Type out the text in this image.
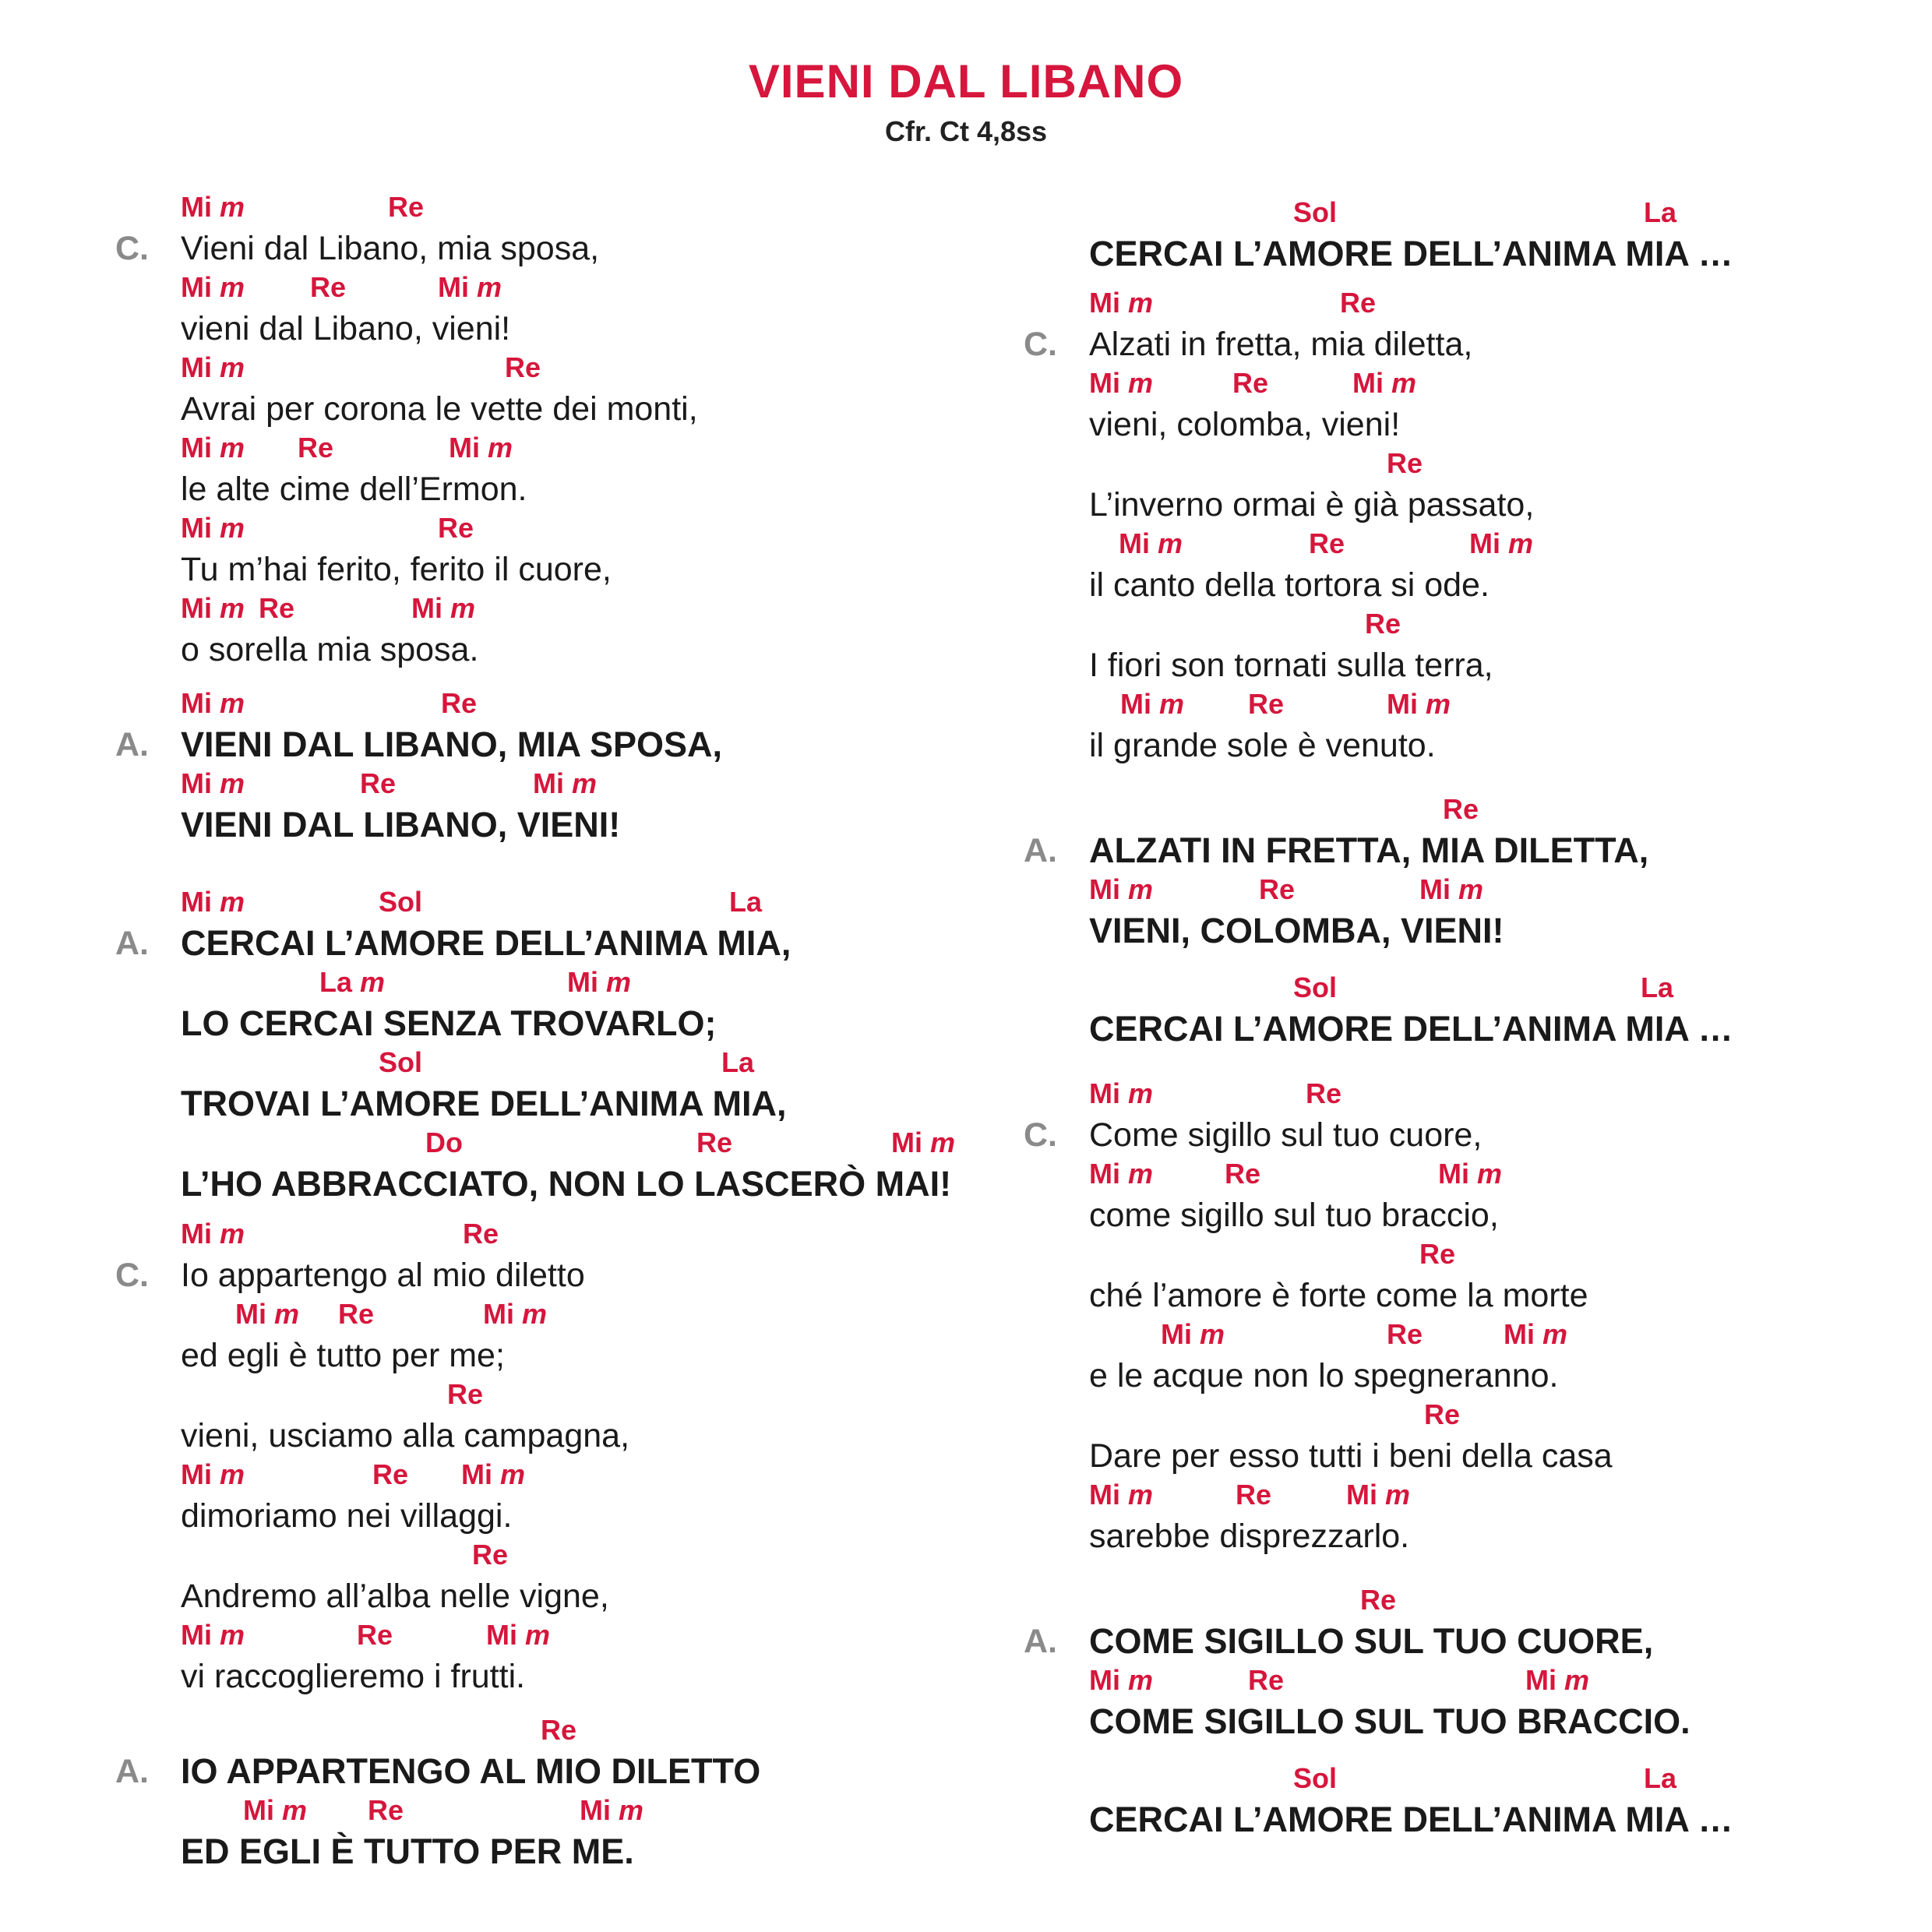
VIENI DAL LIBANO
Cfr. Ct 4,8ss
Mi m	Re
Vieni dal Libano, mia sposa,
C.
Mi m Re	Mi m
vieni dal Libano, vieni!
Mi m	Re
Avrai per corona le vette dei monti,
Mi m Re	Mi m
le alte cime dell’Ermon.
Mi m	Re
Tu m’hai ferito, ferito il cuore,
Mi m Re	Mi m
o sorella mia sposa.
Mi m	Re
VIENI DAL LIBANO, MIA SPOSA,
A.
Mi m	Re	Mi m
VIENI DAL LIBANO, VIENI!
Mi m	Sol	La
CERCAI L’AMORE DELL’ANIMA MIA,
A.
La m	Mi m
LO CERCAI SENZA TROVARLO;
Sol	La
TROVAI L’AMORE DELL’ANIMA MIA,
Do	Re	Mi m
L’HO ABBRACCIATO, NON LO LASCERÒ MAI!
Mi m	Re
Io appartengo al mio diletto
C.
Mi m Re	Mi m
ed egli è tutto per me;
Re
vieni, usciamo alla campagna,
Mi m	Re Mi m
dimoriamo nei villaggi.
Re
Andremo all’alba nelle vigne,
Mi m	Re	Mi m
vi raccoglieremo i frutti.
Re
IO APPARTENGO AL MIO DILETTO
A.
Mi m Re	Mi m
ED EGLI È TUTTO PER ME.
Sol	La
CERCAI L’AMORE DELL’ANIMA MIA …
Mi m	Re
Alzati in fretta, mia diletta,
C.
Mi m	Re	Mi m
vieni, colomba, vieni!
Re
L’inverno ormai è già passato,
Mi m	Re	Mi m
il canto della tortora si ode.
Re
I fiori son tornati sulla terra,
Mi m Re	Mi m
il grande sole è venuto.
Re
ALZATI IN FRETTA, MIA DILETTA,
A.
Mi m	Re	Mi m
VIENI, COLOMBA, VIENI!
Sol	La
CERCAI L’AMORE DELL’ANIMA MIA …
Mi m	Re
Come sigillo sul tuo cuore,
C.
Mi m	Re	Mi m
come sigillo sul tuo braccio,
Re
ché l’amore è forte come la morte
Mi m	Re	Mi m
e le acque non lo spegneranno.
Re
Dare per esso tutti i beni della casa
Mi m	Re	Mi m
sarebbe disprezzarlo.
Re
COME SIGILLO SUL TUO CUORE,
A.
Mi m	Re	Mi m
COME SIGILLO SUL TUO BRACCIO.
Sol	La
CERCAI L’AMORE DELL’ANIMA MIA …
